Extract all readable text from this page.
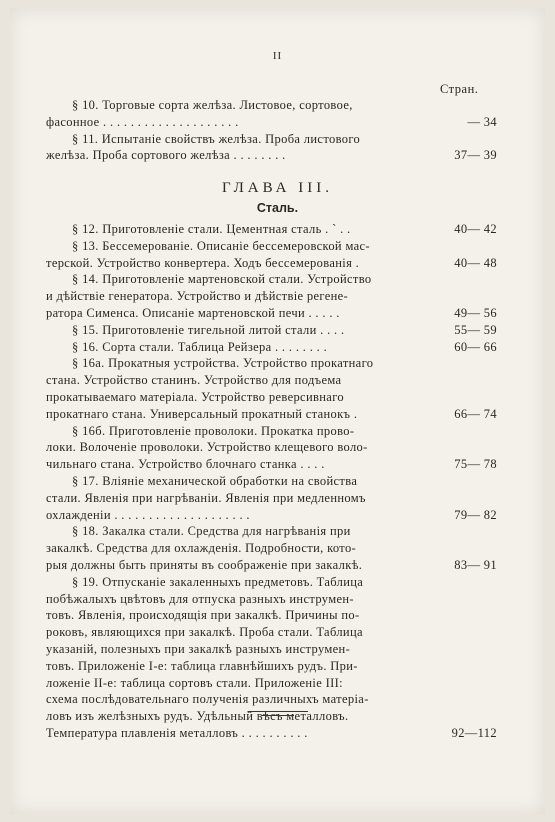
II
Стран.
§ 10. Торговые сорта желѣза. Листовое, сортовое,
фасонное . . . . . . . . . . . . . . . . . . . .	— 34
§ 11. Испытаніе свойствъ желѣза. Проба листового
желѣза. Проба сортового желѣза . . . . . . . .	37— 39
ГЛАВА III.
Сталь.
§ 12. Приготовленіе стали. Цементная сталь . ` . .	40— 42
§ 13. Бессемерованіе. Описаніе бессемеровской мас-
терской. Устройство конвертера. Ходъ бессемерованія .	40— 48
§ 14. Приготовленіе мартеновской стали. Устройство
и дѣйствіе генератора. Устройство и дѣйствіе регене-
ратора Сименса. Описаніе мартеновской печи . . . . .	49— 56
§ 15. Приготовленіе тигельной литой стали . . . .	55— 59
§ 16. Сорта стали. Таблица Рейзера . . . . . . . .	60— 66
§ 16а. Прокатныя устройства. Устройство прокатнаго
стана. Устройство станинъ. Устройство для подъема
прокатываемаго матеріала. Устройство реверсивнаго
прокатнаго стана. Универсальный прокатный станокъ .	66— 74
§ 16б. Приготовленіе проволоки. Прокатка прово-
локи. Волоченіе проволоки. Устройство клещевого воло-
чильнаго стана. Устройство блочнаго станка . . . .	75— 78
§ 17. Вліяніе механической обработки на свойства
стали. Явленія при нагрѣваніи. Явленія при медленномъ
охлажденіи . . . . . . . . . . . . . . . . . . . .	79— 82
§ 18. Закалка стали. Средства для нагрѣванія при
закалкѣ. Средства для охлажденія. Подробности, кото-
рыя должны быть приняты въ соображеніе при закалкѣ.	83— 91
§ 19. Отпусканіе закаленныхъ предметовъ. Таблица
побѣжалыхъ цвѣтовъ для отпуска разныхъ инструмен-
товъ. Явленія, происходящія при закалкѣ. Причины по-
роковъ, являющихся при закалкѣ. Проба стали. Таблица
указаній, полезныхъ при закалкѣ разныхъ инструмен-
товъ. Приложеніе I-е: таблица главнѣйшихъ рудъ. При-
ложеніе II-е: таблица сортовъ стали. Приложеніе III:
схема послѣдовательнаго полученія различныхъ матеріа-
ловъ изъ желѣзныхъ рудъ. Удѣльный вѣсъ металловъ.
Температура плавленія металловъ . . . . . . . . . .	92—112
